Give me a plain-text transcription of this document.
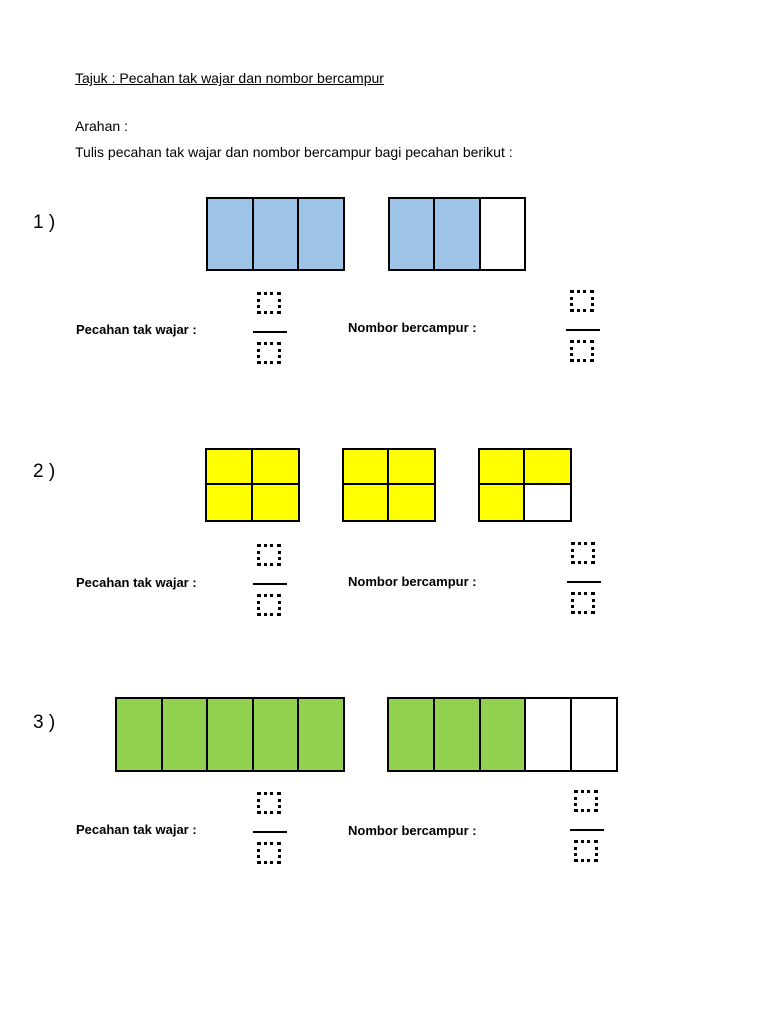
Tajuk : Pecahan tak wajar dan nombor bercampur
Arahan :
Tulis pecahan tak wajar dan nombor bercampur bagi pecahan berikut :
1 )
Pecahan tak wajar :	Nombor bercampur :
2 )
Pecahan tak wajar :	Nombor bercampur :
3 )
Pecahan tak wajar :	Nombor bercampur :
